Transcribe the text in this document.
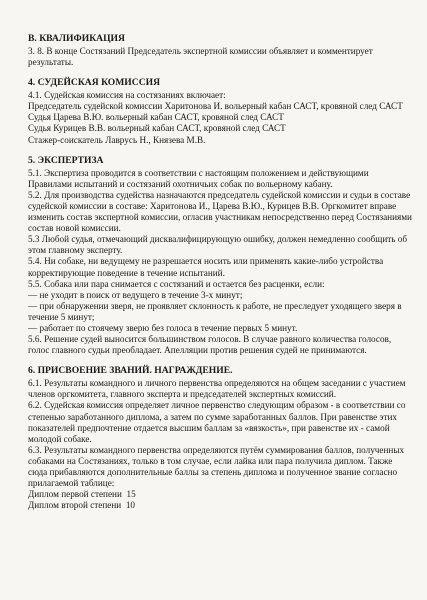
В. КВАЛИФИКАЦИЯ

3. 8. В конце Состязаний Председатель экспертной комиссии объявляет и комментирует результаты.

4. СУДЕЙСКАЯ КОМИССИЯ

4.1. Судейская комиссия на состязаниях включает:

Председатель судейской комиссии Харитонова И. вольерный кабан САСТ, кровяной след САСТ

Судья Царева В.Ю. вольерный кабан САСТ, кровяной след САСТ

Судья Курицев В.В. вольерный кабан САСТ, кровяной след САСТ

Стажер-соискатель Лаврусь Н., Князева М.В.

5. ЭКСПЕРТИЗА

5.1. Экспертиза проводится в соответствии с настоящим положением и действующими Правилами испытаний и состязаний охотничьих собак по вольерному кабану.

5.2. Для производства судейства назначаются председатель судейской комиссии и судьи в составе судейской комиссии в составе: Харитонова И., Царева В.Ю., Курицев В.В. Оргкомитет вправе изменить состав экспертной комиссии, огласив участникам непосредственно перед Состязаниями состав новой комиссии.

5.3 Любой судья, отмечающий дисквалифицирующую ошибку, должен немедленно сообщить об этом главному эксперту.

5.4. Ни собаке, ни ведущему не разрешается носить или применять какие-либо устройства корректирующие поведение в течение испытаний.

5.5. Собака или пара снимается с состязаний и остается без расценки, если:

— не уходит в поиск от ведущего в течение 3-х минут;

— при обнаружении зверя, не проявляет склонность к работе, не преследует уходящего зверя в течение 5 минут;

— работает по стоячему зверю без голоса в течение первых 5 минут.

5.6. Решение судей выносится большинством голосов. В случае равного количества голосов, голос главного судьи преобладает. Апелляции против решения судей не принимаются.

6. ПРИСВОЕНИЕ ЗВАНИЙ. НАГРАЖДЕНИЕ.

6.1. Результаты командного и личного первенства определяются на общем заседании с участием членов оргкомитета, главного эксперта и председателей экспертных комиссий.

6.2. Судейская комиссия определяет личное первенство следующим образом - в соответствии со степенью заработанного диплома, а затем по сумме заработанных баллов. При равенстве этих показателей предпочтение отдается высшим баллам за «вязкость», при равенстве их - самой молодой собаке.

6.3. Результаты командного первенства определяются путём суммирования баллов, полученных собаками на Состязаниях, только в том случае, если лайка или пара получила диплом. Также сюда прибавляются дополнительные баллы за степень диплома и полученное звание согласно прилагаемой таблице:

Диплом первой степени 15

Диплом второй степени 10
